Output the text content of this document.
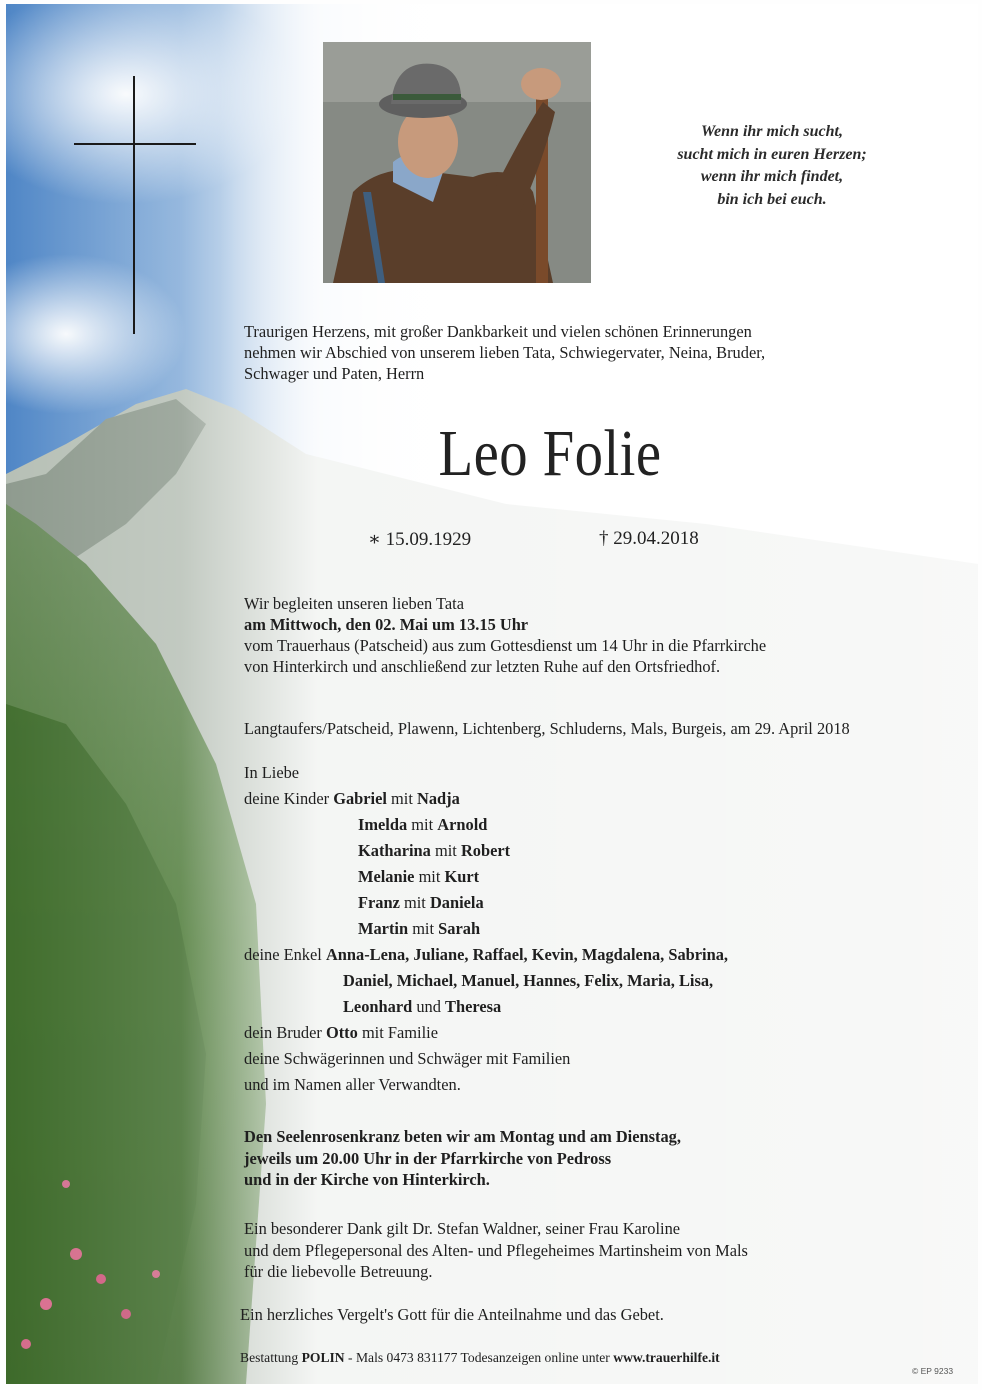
Wenn ihr mich sucht,
sucht mich in euren Herzen;
wenn ihr mich findet,
bin ich bei euch.
Traurigen Herzens, mit großer Dankbarkeit und vielen schönen Erinnerungen
nehmen wir Abschied von unserem lieben Tata, Schwiegervater, Neina, Bruder,
Schwager und Paten, Herrn
Leo Folie
∗ 15.09.1929	† 29.04.2018
Wir begleiten unseren lieben Tata
am Mittwoch, den 02. Mai um 13.15 Uhr
vom Trauerhaus (Patscheid) aus zum Gottesdienst um 14 Uhr in die Pfarrkirche
von Hinterkirch und anschließend zur letzten Ruhe auf den Ortsfriedhof.
Langtaufers/Patscheid, Plawenn, Lichtenberg, Schluderns, Mals, Burgeis, am 29. April 2018
In Liebe
deine Kinder Gabriel mit Nadja
Imelda mit Arnold
Katharina mit Robert
Melanie mit Kurt
Franz mit Daniela
Martin mit Sarah
deine Enkel Anna-Lena, Juliane, Raffael, Kevin, Magdalena, Sabrina,
Daniel, Michael, Manuel, Hannes, Felix, Maria, Lisa,
Leonhard und Theresa
dein Bruder Otto mit Familie
deine Schwägerinnen und Schwäger mit Familien
und im Namen aller Verwandten.
Den Seelenrosenkranz beten wir am Montag und am Dienstag,
jeweils um 20.00 Uhr in der Pfarrkirche von Pedross
und in der Kirche von Hinterkirch.
Ein besonderer Dank gilt Dr. Stefan Waldner, seiner Frau Karoline
und dem Pflegepersonal des Alten- und Pflegeheimes Martinsheim von Mals
für die liebevolle Betreuung.
Ein herzliches Vergelt's Gott für die Anteilnahme und das Gebet.
Bestattung POLIN - Mals 0473 831177 Todesanzeigen online unter www.trauerhilfe.it
© EP 9233
